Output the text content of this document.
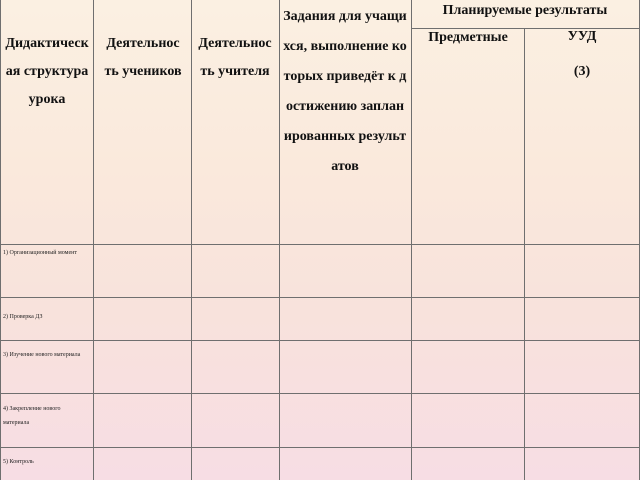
Дидактическая структура урока
Деятельность учеников
Деятельность учителя
Задания для учащихся, выполнение которых приведёт к достижению запланированных результатов
Планируемые результаты
Предметные	УУД
(3)
1) Организационный момент
2) Проверка ДЗ
3) Изучение нового материала
4) Закрепление нового материала
5) Контроль
